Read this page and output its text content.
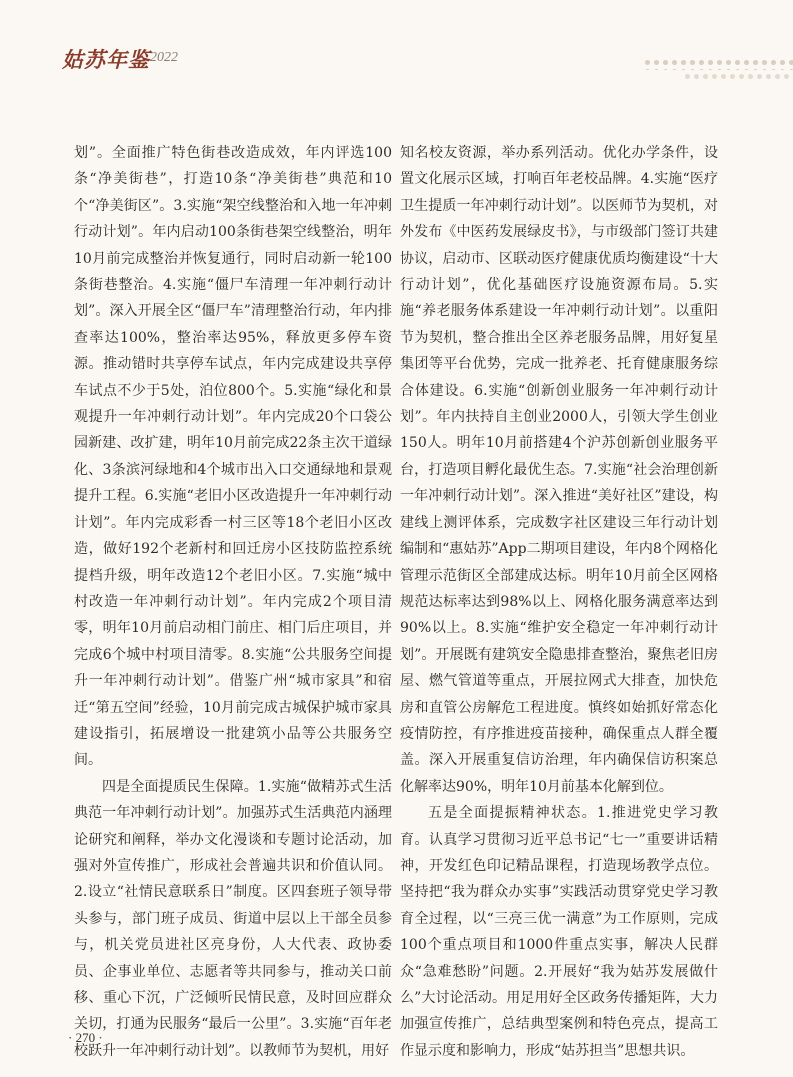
姑苏年鉴 2022

划”。全面推广特色街巷改造成效，年内评选100条“净美街巷”，打造10条“净美街巷”典范和10个“净美街区”。3.实施“架空线整治和入地一年冲刺行动计划”。年内启动100条街巷架空线整治，明年10月前完成整治并恢复通行，同时启动新一轮100条街巷整治。4.实施“僵尸车清理一年冲刺行动计划”。深入开展全区“僵尸车”清理整治行动，年内排查率达100%，整治率达95%，释放更多停车资源。推动错时共享停车试点，年内完成建设共享停车试点不少于5处，泊位800个。5.实施“绿化和景观提升一年冲刺行动计划”。年内完成20个口袋公园新建、改扩建，明年10月前完成22条主次干道绿化、3条滨河绿地和4个城市出入口交通绿地和景观提升工程。6.实施“老旧小区改造提升一年冲刺行动计划”。年内完成彩香一村三区等18个老旧小区改造，做好192个老新村和回迁房小区技防监控系统提档升级，明年改造12个老旧小区。7.实施“城中村改造一年冲刺行动计划”。年内完成2个项目清零，明年10月前启动相门前庄、相门后庄项目，并完成6个城中村项目清零。8.实施“公共服务空间提升一年冲刺行动计划”。借鉴广州“城市家具”和宿迁“第五空间”经验，10月前完成古城保护城市家具建设指引，拓展增设一批建筑小品等公共服务空间。

四是全面提质民生保障。1.实施“做精苏式生活典范一年冲刺行动计划”。加强苏式生活典范内涵理论研究和阐释，举办文化漫谈和专题讨论活动，加强对外宣传推广，形成社会普遍共识和价值认同。2.设立“社情民意联系日”制度。区四套班子领导带头参与，部门班子成员、街道中层以上干部全员参与，机关党员进社区亮身份，人大代表、政协委员、企事业单位、志愿者等共同参与，推动关口前移、重心下沉，广泛倾听民情民意，及时回应群众关切，打通为民服务“最后一公里”。3.实施“百年老校跃升一年冲刺行动计划”。以教师节为契机，用好

知名校友资源，举办系列活动。优化办学条件，设置文化展示区域，打响百年老校品牌。4.实施“医疗卫生提质一年冲刺行动计划”。以医师节为契机，对外发布《中医药发展绿皮书》，与市级部门签订共建协议，启动市、区联动医疗健康优质均衡建设“十大行动计划”，优化基础医疗设施资源布局。5.实施“养老服务体系建设一年冲刺行动计划”。以重阳节为契机，整合推出全区养老服务品牌，用好复星集团等平台优势，完成一批养老、托育健康服务综合体建设。6.实施“创新创业服务一年冲刺行动计划”。年内扶持自主创业2000人，引领大学生创业150人。明年10月前搭建4个沪苏创新创业服务平台，打造项目孵化最优生态。7.实施“社会治理创新一年冲刺行动计划”。深入推进“美好社区”建设，构建线上测评体系，完成数字社区建设三年行动计划编制和“惠姑苏”App二期项目建设，年内8个网格化管理示范街区全部建成达标。明年10月前全区网格规范达标率达到98%以上、网格化服务满意率达到90%以上。8.实施“维护安全稳定一年冲刺行动计划”。开展既有建筑安全隐患排查整治，聚焦老旧房屋、燃气管道等重点，开展拉网式大排查，加快危房和直管公房解危工程进度。慎终如始抓好常态化疫情防控，有序推进疫苗接种，确保重点人群全覆盖。深入开展重复信访治理，年内确保信访积案总化解率达90%，明年10月前基本化解到位。

五是全面提振精神状态。1.推进党史学习教育。认真学习贯彻习近平总书记“七一”重要讲话精神，开发红色印记精品课程，打造现场教学点位。坚持把“我为群众办实事”实践活动贯穿党史学习教育全过程，以“三亮三优一满意”为工作原则，完成100个重点项目和1000件重点实事，解决人民群众“急难愁盼”问题。2.开展好“我为姑苏发展做什么”大讨论活动。用足用好全区政务传播矩阵，大力加强宣传推广，总结典型案例和特色亮点，提高工作显示度和影响力，形成“姑苏担当”思想共识。

· 270 ·
